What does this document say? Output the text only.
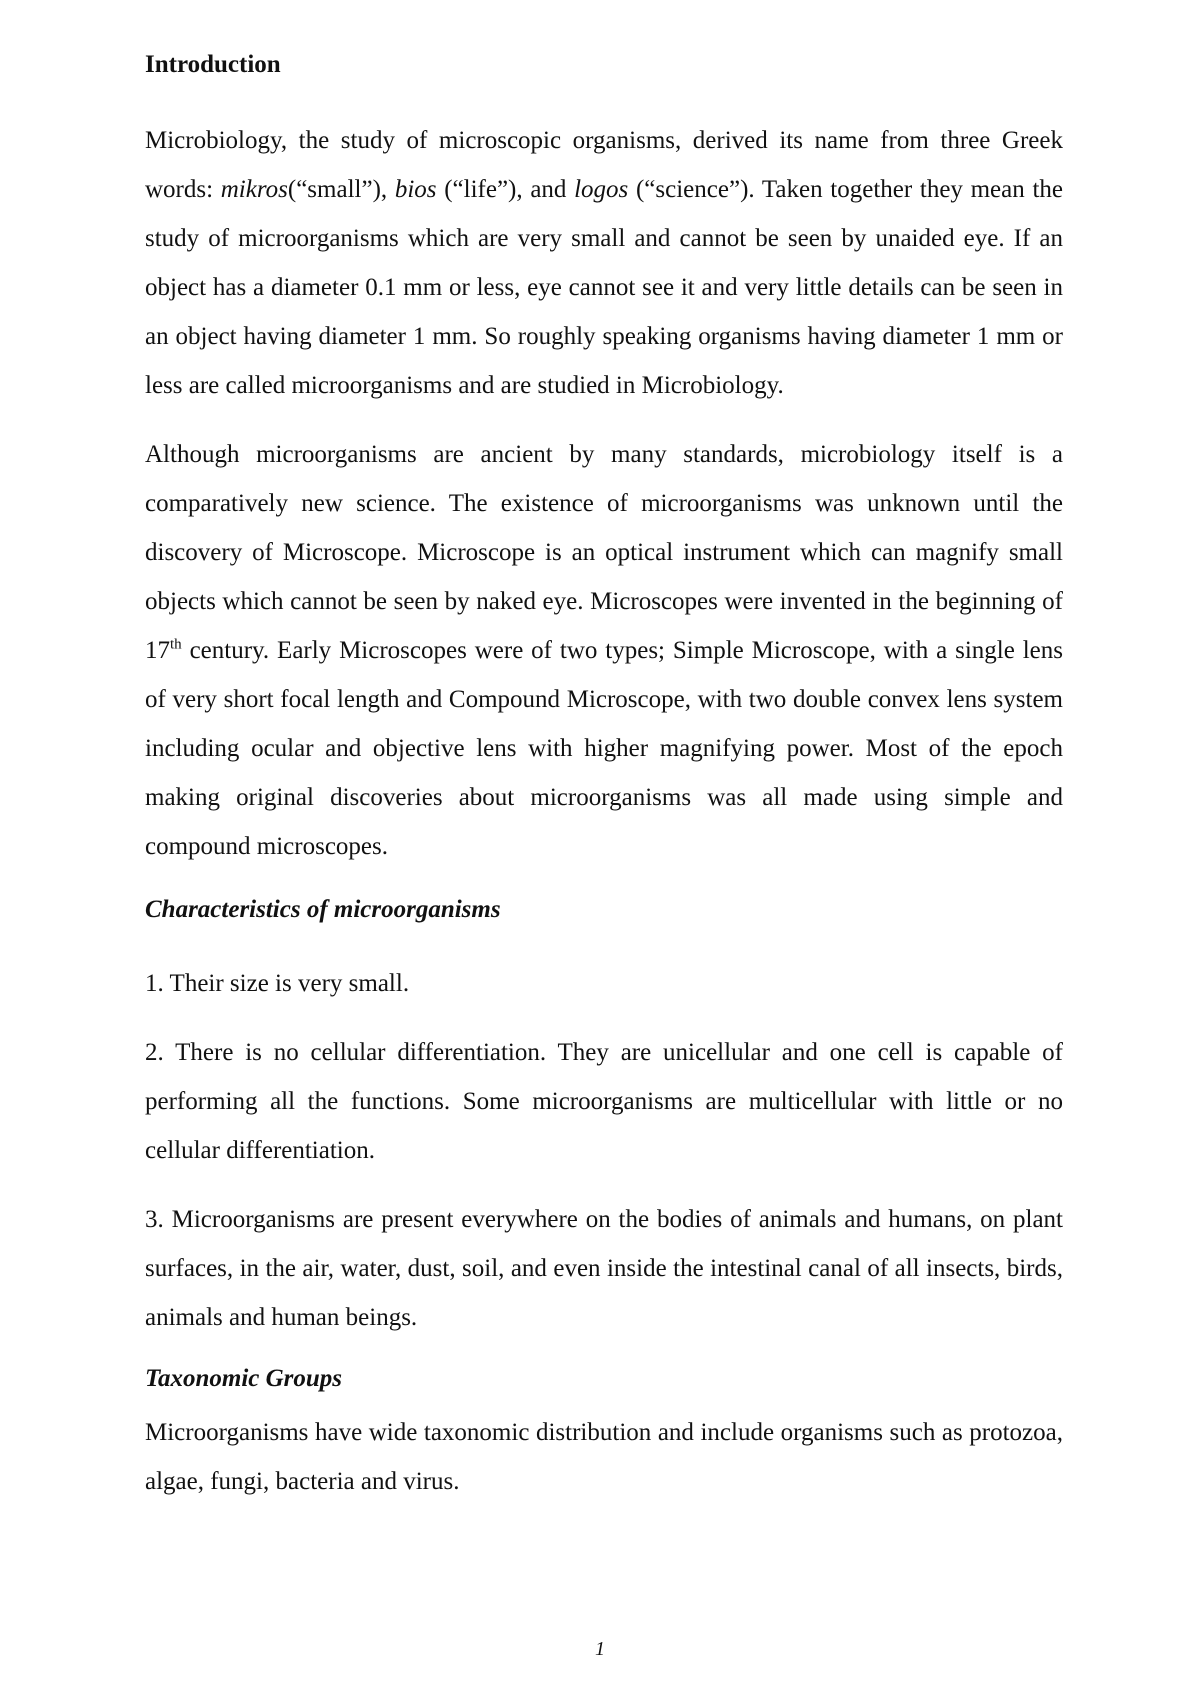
Introduction

Microbiology, the study of microscopic organisms, derived its name from three Greek words: mikros(“small”), bios (“life”), and logos (“science”). Taken together they mean the study of microorganisms which are very small and cannot be seen by unaided eye. If an object has a diameter 0.1 mm or less, eye cannot see it and very little details can be seen in an object having diameter 1 mm. So roughly speaking organisms having diameter 1 mm or less are called microorganisms and are studied in Microbiology.

Although microorganisms are ancient by many standards, microbiology itself is a comparatively new science. The existence of microorganisms was unknown until the discovery of Microscope. Microscope is an optical instrument which can magnify small objects which cannot be seen by naked eye. Microscopes were invented in the beginning of 17th century. Early Microscopes were of two types; Simple Microscope, with a single lens of very short focal length and Compound Microscope, with two double convex lens system including ocular and objective lens with higher magnifying power. Most of the epoch making original discoveries about microorganisms was all made using simple and compound microscopes.

Characteristics of microorganisms

1. Their size is very small.

2. There is no cellular differentiation. They are unicellular and one cell is capable of performing all the functions. Some microorganisms are multicellular with little or no cellular differentiation.

3. Microorganisms are present everywhere on the bodies of animals and humans, on plant surfaces, in the air, water, dust, soil, and even inside the intestinal canal of all insects, birds, animals and human beings.

Taxonomic Groups

Microorganisms have wide taxonomic distribution and include organisms such as protozoa, algae, fungi, bacteria and virus.

1
